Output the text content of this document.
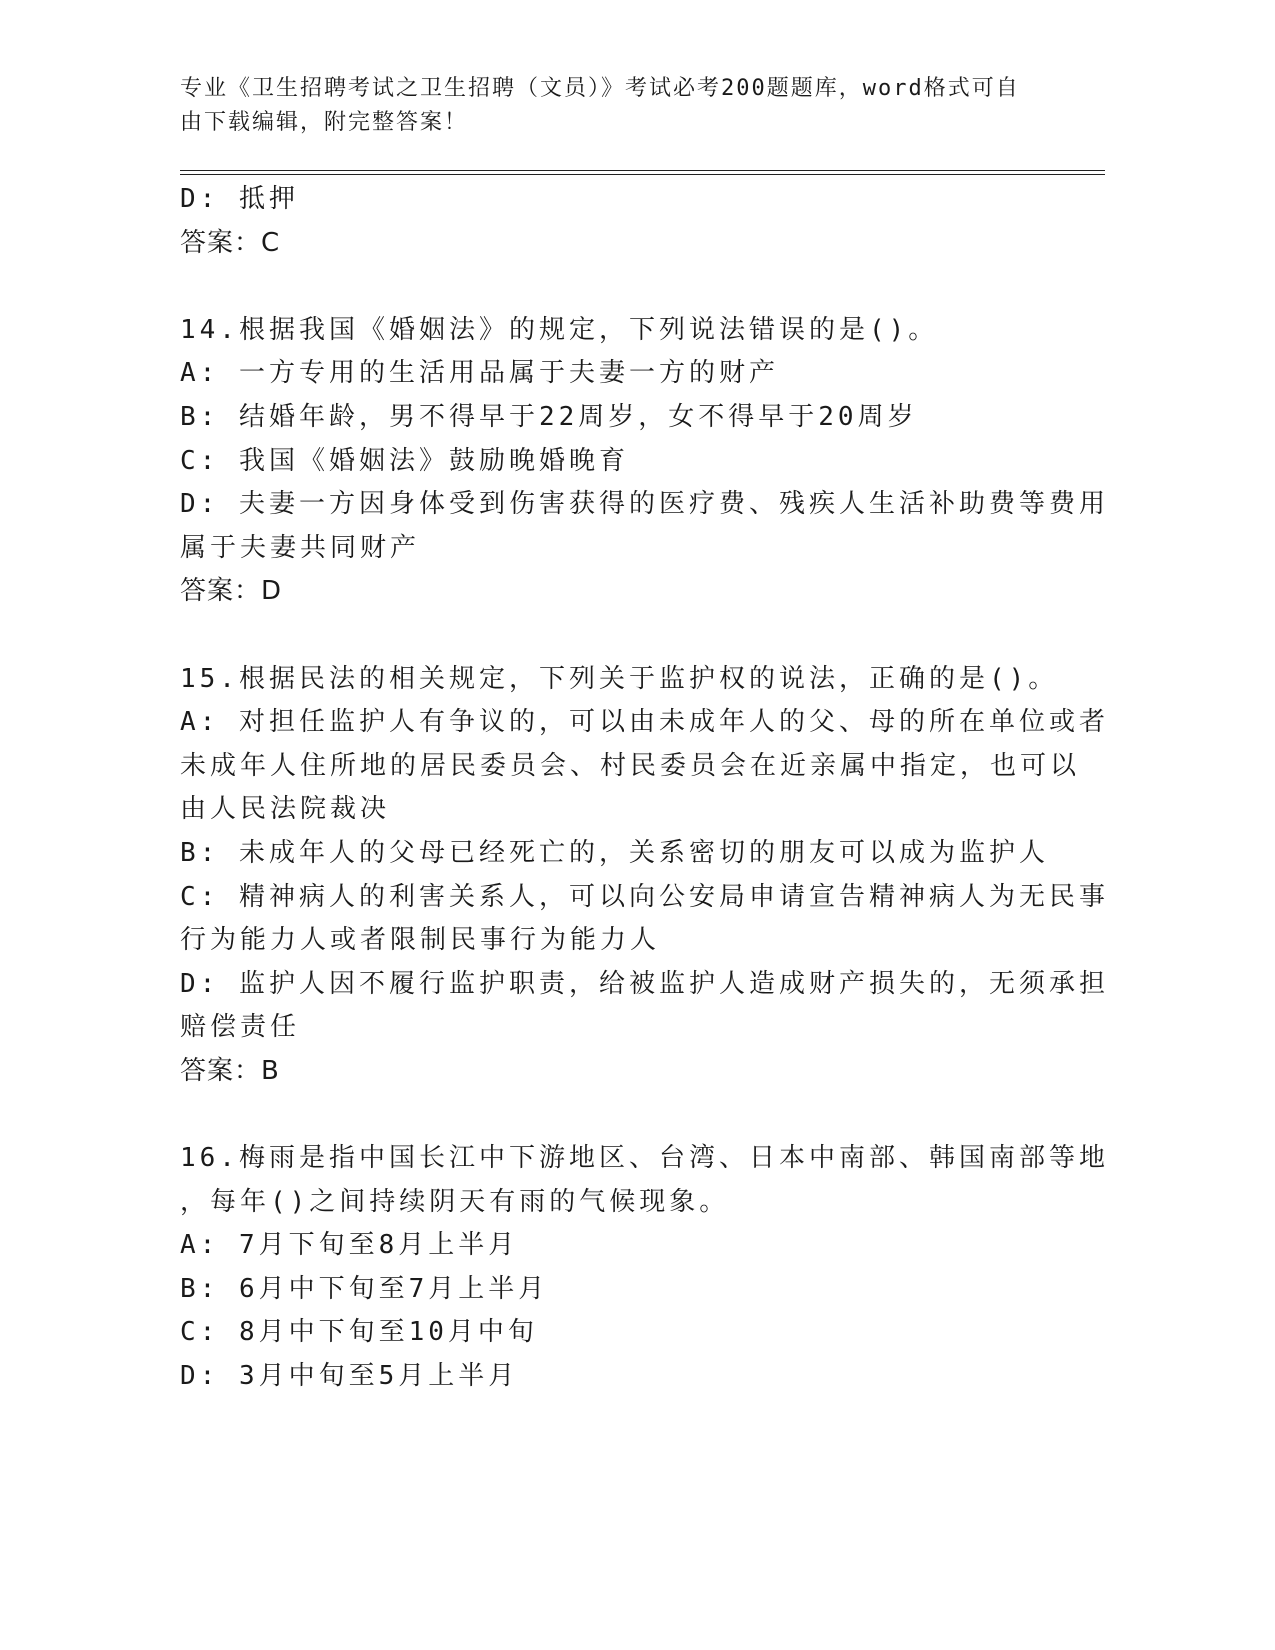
专业《卫生招聘考试之卫生招聘（文员）》考试必考200题题库，word格式可自
由下载编辑，附完整答案！
D: 抵押
答案：C
14.根据我国《婚姻法》的规定，下列说法错误的是()。
A: 一方专用的生活用品属于夫妻一方的财产
B: 结婚年龄，男不得早于22周岁，女不得早于20周岁
C: 我国《婚姻法》鼓励晚婚晚育
D: 夫妻一方因身体受到伤害获得的医疗费、残疾人生活补助费等费用
属于夫妻共同财产
答案：D
15.根据民法的相关规定，下列关于监护权的说法，正确的是()。
A: 对担任监护人有争议的，可以由未成年人的父、母的所在单位或者
未成年人住所地的居民委员会、村民委员会在近亲属中指定，也可以
由人民法院裁决
B: 未成年人的父母已经死亡的，关系密切的朋友可以成为监护人
C: 精神病人的利害关系人，可以向公安局申请宣告精神病人为无民事
行为能力人或者限制民事行为能力人
D: 监护人因不履行监护职责，给被监护人造成财产损失的，无须承担
赔偿责任
答案：B
16.梅雨是指中国长江中下游地区、台湾、日本中南部、韩国南部等地
，每年()之间持续阴天有雨的气候现象。
A: 7月下旬至8月上半月
B: 6月中下旬至7月上半月
C: 8月中下旬至10月中旬
D: 3月中旬至5月上半月
